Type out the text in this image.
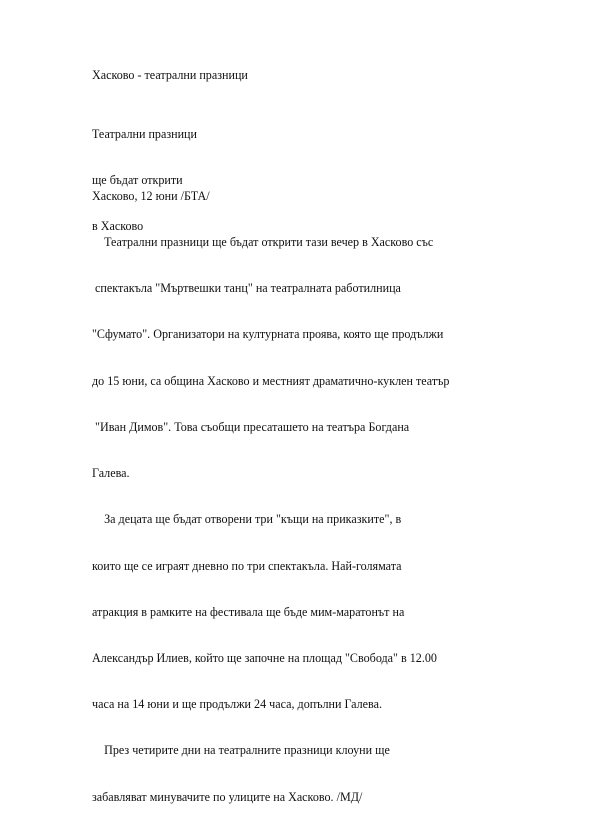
Хасково - театрални празници

Театрални празници

ще бъдат открити

в Хасково

Хасково, 12 юни /БТА/

Театрални празници ще бъдат открити тази вечер в Хасково със

спектакъла "Мъртвешки танц" на театралната работилница

"Сфумато". Организатори на културната проява, която ще продължи

до 15 юни, са община Хасково и местният драматично-куклен театър

"Иван Димов". Това съобщи пресаташето на театъра Богдана

Галева.

За децата ще бъдат отворени три "къщи на приказките", в

които ще се играят дневно по три спектакъла. Най-голямата

атракция в рамките на фестивала ще бъде мим-маратонът на

Александър Илиев, който ще започне на площад "Свобода" в 12.00

часа на 14 юни и ще продължи 24 часа, допълни Галева.

През четирите дни на театралните празници клоуни ще

забавляват минувачите по улиците на Хасково. /МД/
